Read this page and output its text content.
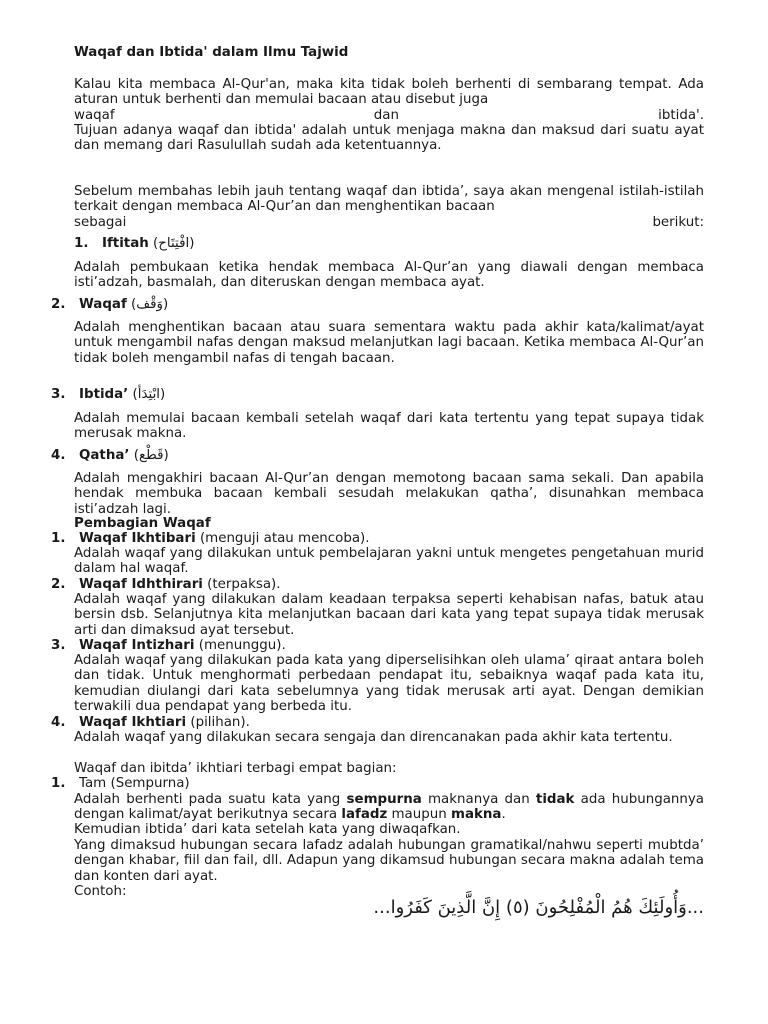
Waqaf dan Ibtida' dalam Ilmu Tajwid
Kalau kita membaca Al-Qur'an, maka kita tidak boleh berhenti di sembarang tempat. Ada aturan untuk berhenti dan memulai bacaan atau disebut juga
waqaf	dan	ibtida'.
Tujuan adanya waqaf dan ibtida' adalah untuk menjaga makna dan maksud dari suatu ayat dan memang dari Rasulullah sudah ada ketentuannya.
Sebelum membahas lebih jauh tentang waqaf dan ibtida’, saya akan mengenal istilah-istilah terkait dengan membaca Al-Qur’an dan menghentikan bacaan
sebagai	berikut:
1. Iftitah (افْتِتَاح)
Adalah pembukaan ketika hendak membaca Al-Qur’an yang diawali dengan membaca isti’adzah, basmalah, dan diteruskan dengan membaca ayat.
2. Waqaf (وَقْف)
Adalah menghentikan bacaan atau suara sementara waktu pada akhir kata/kalimat/ayat untuk mengambil nafas dengan maksud melanjutkan lagi bacaan. Ketika membaca Al-Qur’an tidak boleh mengambil nafas di tengah bacaan.
3. Ibtida’ (ابْتِدَأ)
Adalah memulai bacaan kembali setelah waqaf dari kata tertentu yang tepat supaya tidak merusak makna.
4. Qatha’ (قَطْع)
Adalah mengakhiri bacaan Al-Qur’an dengan memotong bacaan sama sekali. Dan apabila hendak membuka bacaan kembali sesudah melakukan qatha’, disunahkan membaca isti’adzah lagi.
Pembagian Waqaf
1. Waqaf Ikhtibari (menguji atau mencoba).
Adalah waqaf yang dilakukan untuk pembelajaran yakni untuk mengetes pengetahuan murid dalam hal waqaf.
2. Waqaf Idhthirari (terpaksa).
Adalah waqaf yang dilakukan dalam keadaan terpaksa seperti kehabisan nafas, batuk atau bersin dsb. Selanjutnya kita melanjutkan bacaan dari kata yang tepat supaya tidak merusak arti dan dimaksud ayat tersebut.
3. Waqaf Intizhari (menunggu).
Adalah waqaf yang dilakukan pada kata yang diperselisihkan oleh ulama’ qiraat antara boleh dan tidak. Untuk menghormati perbedaan pendapat itu, sebaiknya waqaf pada kata itu, kemudian diulangi dari kata sebelumnya yang tidak merusak arti ayat. Dengan demikian terwakili dua pendapat yang berbeda itu.
4. Waqaf Ikhtiari (pilihan).
Adalah waqaf yang dilakukan secara sengaja dan direncanakan pada akhir kata tertentu.
Waqaf dan ibitda’ ikhtiari terbagi empat bagian:
1. Tam (Sempurna)
Adalah berhenti pada suatu kata yang sempurna maknanya dan tidak ada hubungannya dengan kalimat/ayat berikutnya secara lafadz maupun makna.
Kemudian ibtida’ dari kata setelah kata yang diwaqafkan.
Yang dimaksud hubungan secara lafadz adalah hubungan gramatikal/nahwu seperti mubtda’ dengan khabar, fiil dan fail, dll. Adapun yang dikamsud hubungan secara makna adalah tema dan konten dari ayat.
Contoh:
...وَأُولَئِكَ هُمُ الْمُفْلِحُونَ (٥) إِنَّ الَّذِينَ كَفَرُوا...
